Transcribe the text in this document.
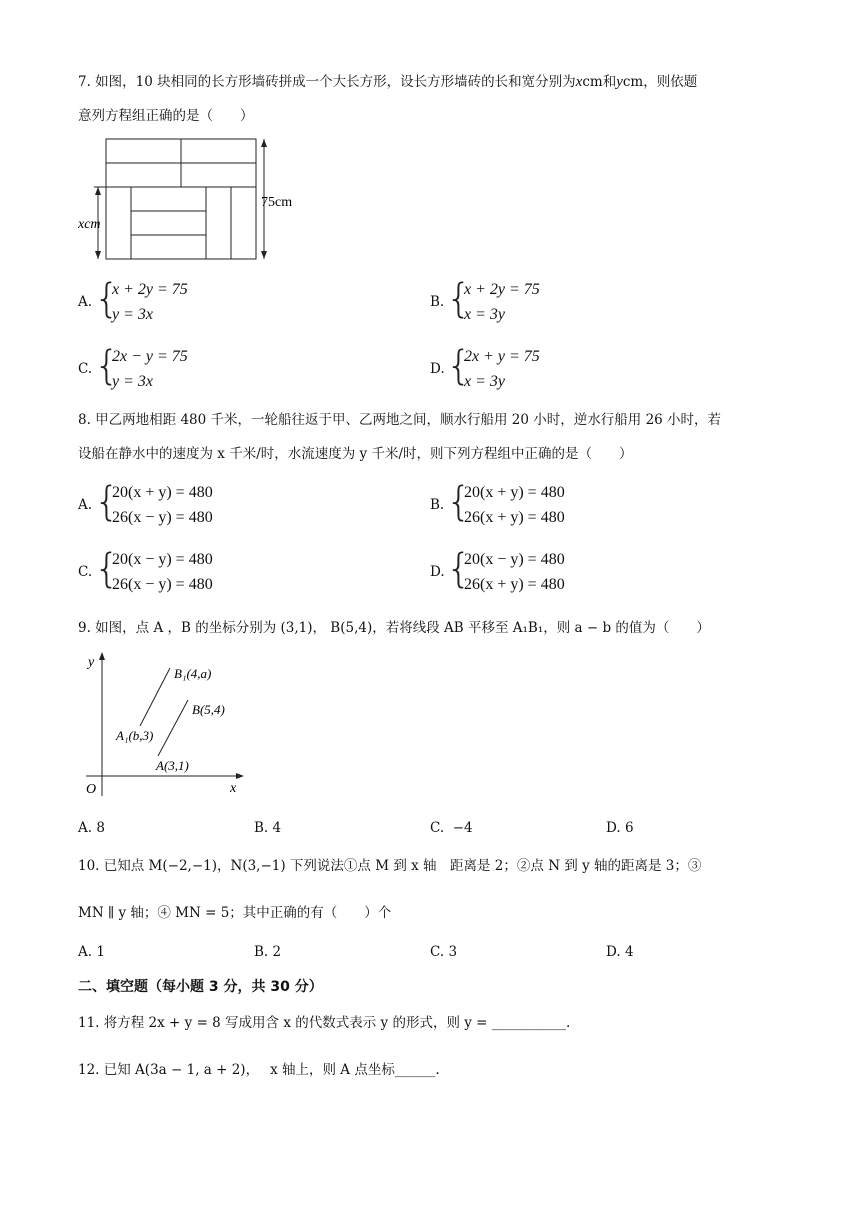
7. 如图，10 块相同的长方形墙砖拼成一个大长方形，设长方形墙砖的长和宽分别为xcm和ycm，则依题
意列方程组正确的是（　　）
75cm
xcm
A. {
x + 2y = 75
y = 3x
B. {
x + 2y = 75
x = 3y
C. {
2x − y = 75
y = 3x
D. {
2x + y = 75
x = 3y
8. 甲乙两地相距 480 千米，一轮船往返于甲、乙两地之间，顺水行船用 20 小时，逆水行船用 26 小时，若
设船在静水中的速度为 x 千米/时，水流速度为 y 千米/时，则下列方程组中正确的是（　　）
A. {
20(x + y) = 480
26(x − y) = 480
B. {
20(x + y) = 480
26(x + y) = 480
C. {
20(x − y) = 480
26(x − y) = 480
D. {
20(x − y) = 480
26(x + y) = 480
9. 如图，点 A ，B 的坐标分别为 (3,1)， B(5,4)，若将线段 AB 平移至 A₁B₁，则 a − b 的值为（　　）
y
x
O
B₁(4,a)
B(5,4)
A₁(b,3)
A(3,1)
A. 8	B. 4	C. −4	D. 6
10. 已知点 M(−2,−1)，N(3,−1) 下列说法①点 M 到 x 轴　距离是 2；②点 N 到 y 轴的距离是 3；③
MN ∥ y 轴；④ MN = 5；其中正确的有（　　）个
A. 1	B. 2	C. 3	D. 4
二、填空题（每小题 3 分，共 30 分）
11. 将方程 2x + y = 8 写成用含 x 的代数式表示 y 的形式，则 y = ___________.
12. 已知 A(3a − 1, a + 2)，　 x 轴上，则 A 点坐标______.
